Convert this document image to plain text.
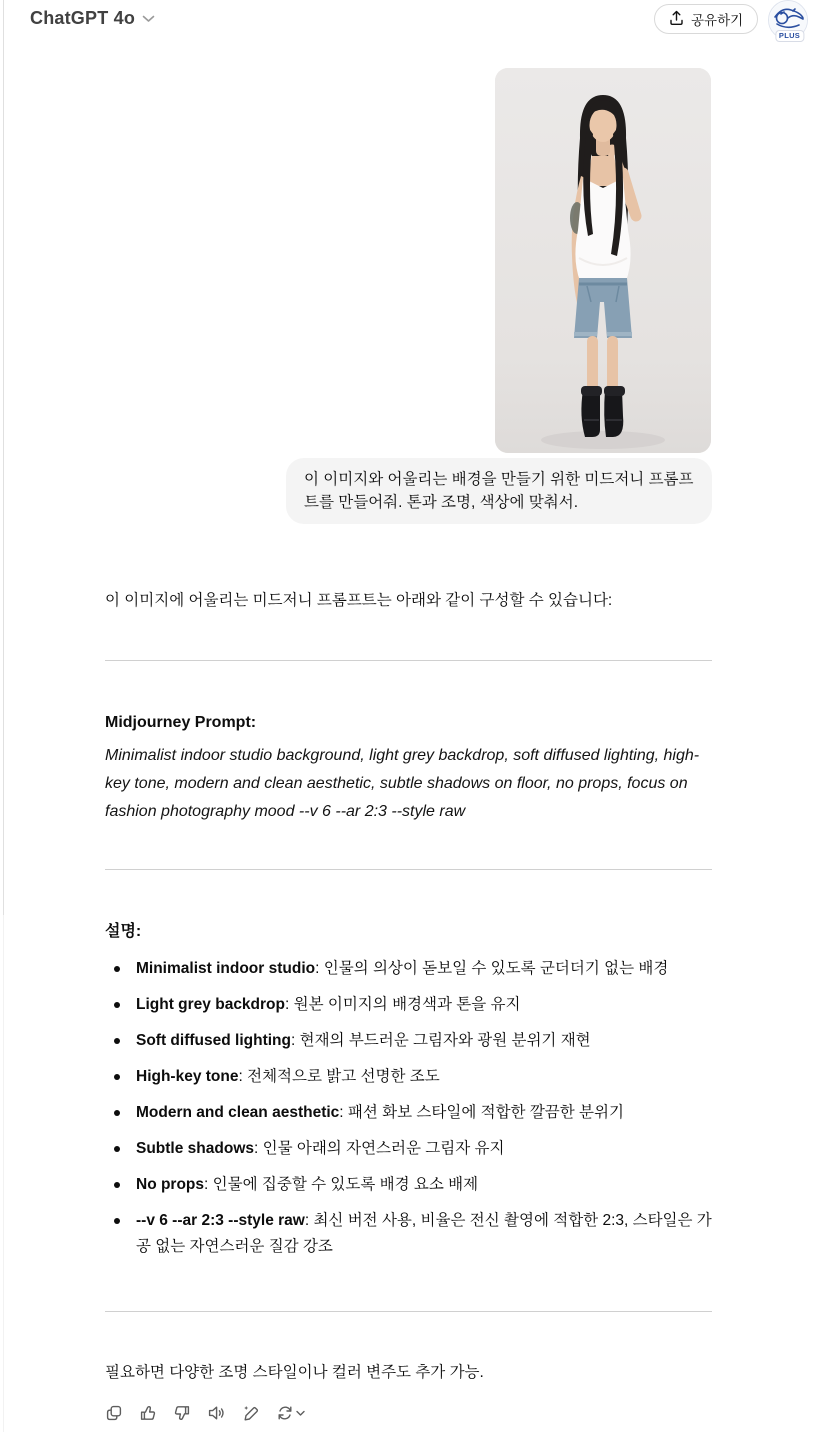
ChatGPT 4o	공유하기
PLUS
이 이미지와 어울리는 배경을 만들기 위한 미드저니 프롬프트를 만들어줘. 톤과 조명, 색상에 맞춰서.

이 이미지에 어울리는 미드저니 프롬프트는 아래와 같이 구성할 수 있습니다:

Midjourney Prompt:

Minimalist indoor studio background, light grey backdrop, soft diffused lighting, high-key tone, modern and clean aesthetic, subtle shadows on floor, no props, focus on fashion photography mood --v 6 --ar 2:3 --style raw

설명:
Minimalist indoor studio: 인물의 의상이 돋보일 수 있도록 군더더기 없는 배경
Light grey backdrop: 원본 이미지의 배경색과 톤을 유지
Soft diffused lighting: 현재의 부드러운 그림자와 광원 분위기 재현
High-key tone: 전체적으로 밝고 선명한 조도
Modern and clean aesthetic: 패션 화보 스타일에 적합한 깔끔한 분위기
Subtle shadows: 인물 아래의 자연스러운 그림자 유지
No props: 인물에 집중할 수 있도록 배경 요소 배제
--v 6 --ar 2:3 --style raw: 최신 버전 사용, 비율은 전신 촬영에 적합한 2:3, 스타일은 가공 없는 자연스러운 질감 강조

필요하면 다양한 조명 스타일이나 컬러 변주도 추가 가능.
